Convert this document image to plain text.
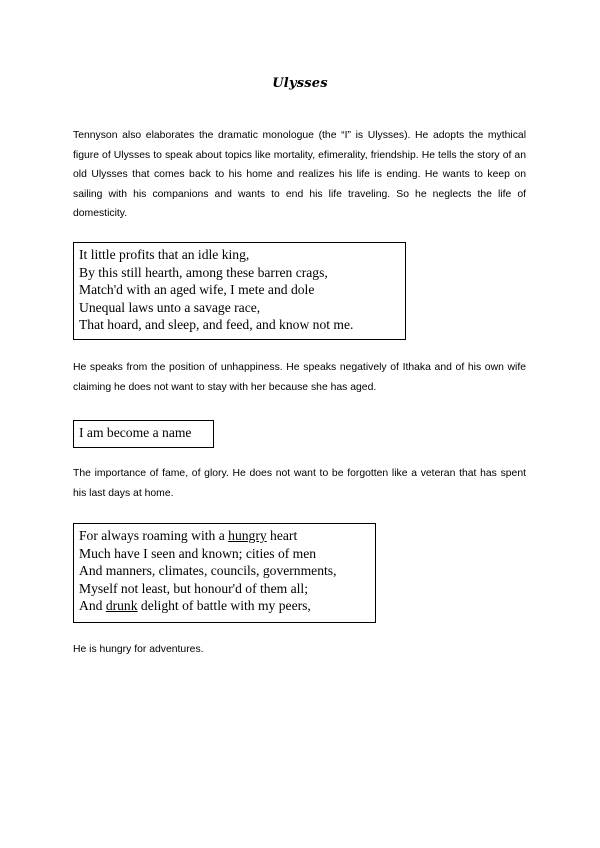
Ulysses

Tennyson also elaborates the dramatic monologue (the “I” is Ulysses). He adopts the mythical figure of Ulysses to speak about topics like mortality, efimerality, friendship. He tells the story of an old Ulysses that comes back to his home and realizes his life is ending. He wants to keep on sailing with his companions and wants to end his life traveling. So he neglects the life of domesticity.

It little profits that an idle king,
By this still hearth, among these barren crags,
Match'd with an aged wife, I mete and dole
Unequal laws unto a savage race,
That hoard, and sleep, and feed, and know not me.

He speaks from the position of unhappiness. He speaks negatively of Ithaka and of his own wife claiming he does not want to stay with her because she has aged.

I am become a name

The importance of fame, of glory. He does not want to be forgotten like a veteran that has spent his last days at home.

For always roaming with a hungry heart
Much have I seen and known; cities of men
And manners, climates, councils, governments,
Myself not least, but honour'd of them all;
And drunk delight of battle with my peers,

He is hungry for adventures.
